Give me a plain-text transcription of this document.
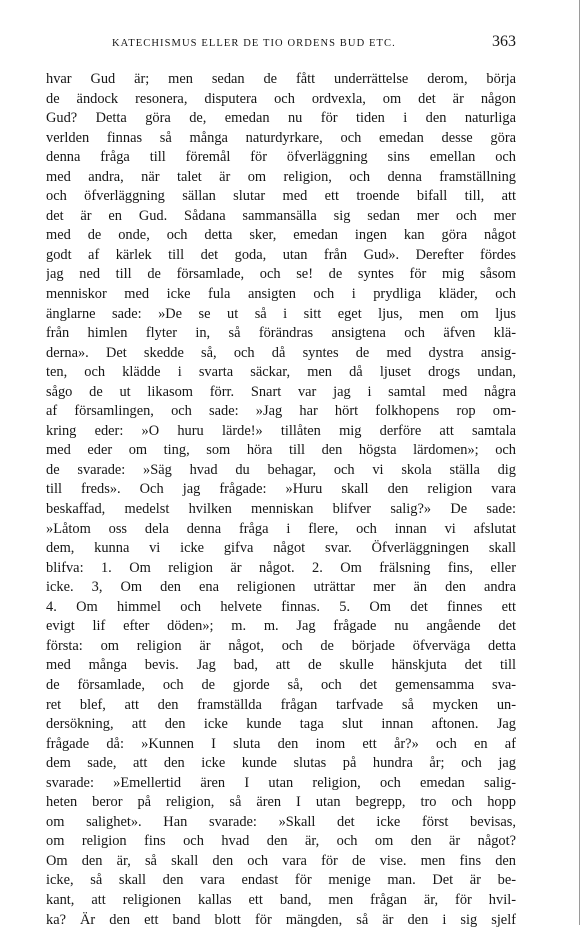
KATECHISMUS ELLER DE TIO ORDENS BUD ETC.	363
hvar Gud är; men sedan de fått underrättelse derom, börja
de ändock resonera, disputera och ordvexla, om det är någon
Gud? Detta göra de, emedan nu för tiden i den naturliga
verlden finnas så många naturdyrkare, och emedan desse göra
denna fråga till föremål för öfverläggning sins emellan och
med andra, när talet är om religion, och denna framställning
och öfverläggning sällan slutar med ett troende bifall till, att
det är en Gud. Sådana sammansälla sig sedan mer och mer
med de onde, och detta sker, emedan ingen kan göra något
godt af kärlek till det goda, utan från Gud». Derefter fördes
jag ned till de församlade, och se! de syntes för mig såsom
menniskor med icke fula ansigten och i prydliga kläder, och
änglarne sade: »De se ut så i sitt eget ljus, men om ljus
från himlen flyter in, så förändras ansigtena och äfven klä-
derna». Det skedde så, och då syntes de med dystra ansig-
ten, och klädde i svarta säckar, men då ljuset drogs undan,
sågo de ut likasom förr. Snart var jag i samtal med några
af församlingen, och sade: »Jag har hört folkhopens rop om-
kring eder: »O huru lärde!» tillåten mig derföre att samtala
med eder om ting, som höra till den högsta lärdomen»; och
de svarade: »Säg hvad du behagar, och vi skola ställa dig
till freds». Och jag frågade: »Huru skall den religion vara
beskaffad, medelst hvilken menniskan blifver salig?» De sade:
»Låtom oss dela denna fråga i flere, och innan vi afslutat
dem, kunna vi icke gifva något svar. Öfverläggningen skall
blifva: 1. Om religion är något. 2. Om frälsning fins, eller
icke. 3, Om den ena religionen uträttar mer än den andra
4. Om himmel och helvete finnas. 5. Om det finnes ett
evigt lif efter döden»; m. m. Jag frågade nu angående det
första: om religion är något, och de började öfverväga detta
med många bevis. Jag bad, att de skulle hänskjuta det till
de församlade, och de gjorde så, och det gemensamma sva-
ret blef, att den framställda frågan tarfvade så mycken un-
dersökning, att den icke kunde taga slut innan aftonen. Jag
frågade då: »Kunnen I sluta den inom ett år?» och en af
dem sade, att den icke kunde slutas på hundra år; och jag
svarade: »Emellertid ären I utan religion, och emedan salig-
heten beror på religion, så ären I utan begrepp, tro och hopp
om salighet». Han svarade: »Skall det icke först bevisas,
om religion fins och hvad den är, och om den är något?
Om den är, så skall den och vara för de vise. men fins den
icke, så skall den vara endast för menige man. Det är be-
kant, att religionen kallas ett band, men frågan är, för hvil-
ka? Är den ett band blott för mängden, så är den i sig sjelf
